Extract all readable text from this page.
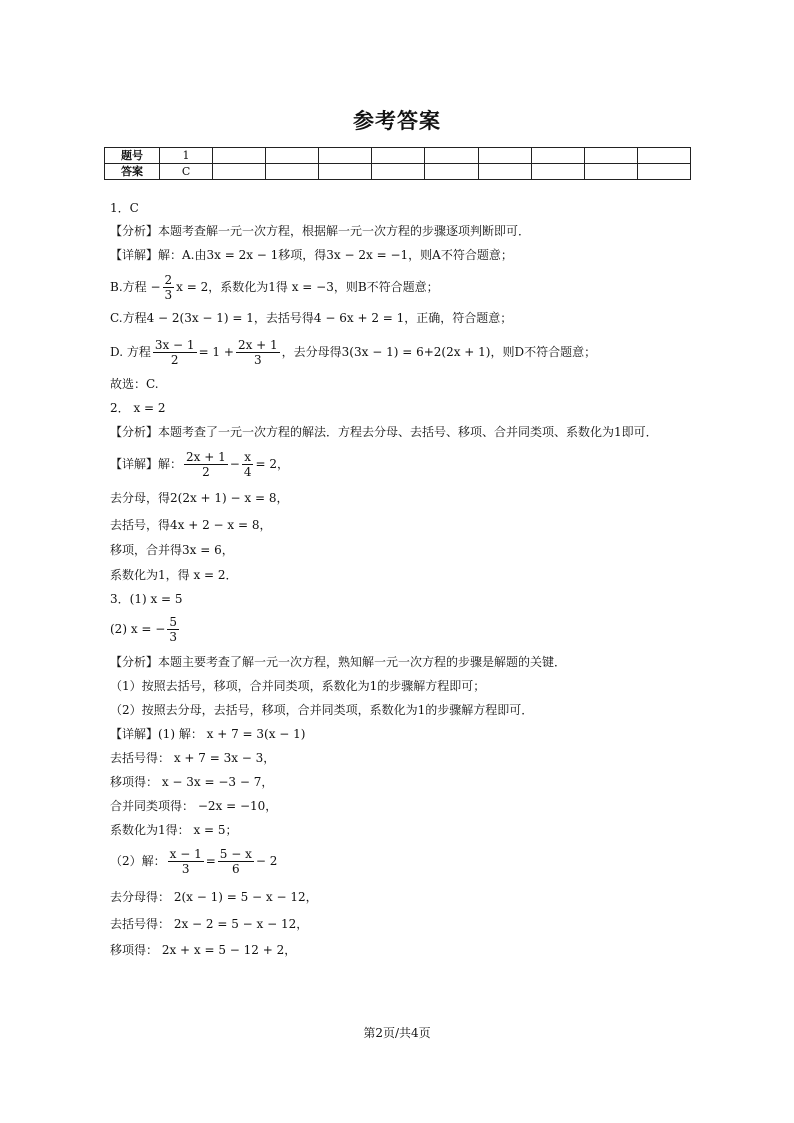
参考答案
题号	1									
答案	C									
1．C
【分析】本题考查解一元一次方程，根据解一元一次方程的步骤逐项判断即可．
【详解】解：A.由3x = 2x − 1移项，得3x − 2x = −1，则A不符合题意；
B.方程 − $\frac{2}{3}$ x = 2，系数化为1得 x = −3，则B不符合题意；
C.方程4 − 2(3x − 1) = 1，去括号得4 − 6x + 2 = 1，正确，符合题意；
D. 方程 $\frac{3x - 1}{2} = 1 + \frac{2x + 1}{3}$ ，去分母得3(3x − 1) = 6+2(2x + 1)，则D不符合题意；
故选：C.
2． x = 2
【分析】本题考查了一元一次方程的解法．方程去分母、去括号、移项、合并同类项、系数化为1即可．
【详解】解： $\frac{2x + 1}{2} - \frac{x}{4} = 2$，
去分母，得2(2x + 1) − x = 8，
去括号，得4x + 2 − x = 8，
移项，合并得3x = 6，
系数化为1，得 x = 2．
3．(1) x = 5
(2) x = − $\frac{5}{3}$
【分析】本题主要考查了解一元一次方程，熟知解一元一次方程的步骤是解题的关键．
（1）按照去括号，移项，合并同类项，系数化为1的步骤解方程即可；
（2）按照去分母，去括号，移项，合并同类项，系数化为1的步骤解方程即可．
【详解】(1) 解： x + 7 = 3(x − 1)
去括号得： x + 7 = 3x − 3，
移项得： x − 3x = −3 − 7，
合并同类项得： −2x = −10，
系数化为1得： x = 5；
（2）解： $\frac{x - 1}{3} = \frac{5 - x}{6} - 2$
去分母得： 2(x − 1) = 5 − x − 12，
去括号得： 2x − 2 = 5 − x − 12，
移项得： 2x + x = 5 − 12 + 2，
第2页/共4页
